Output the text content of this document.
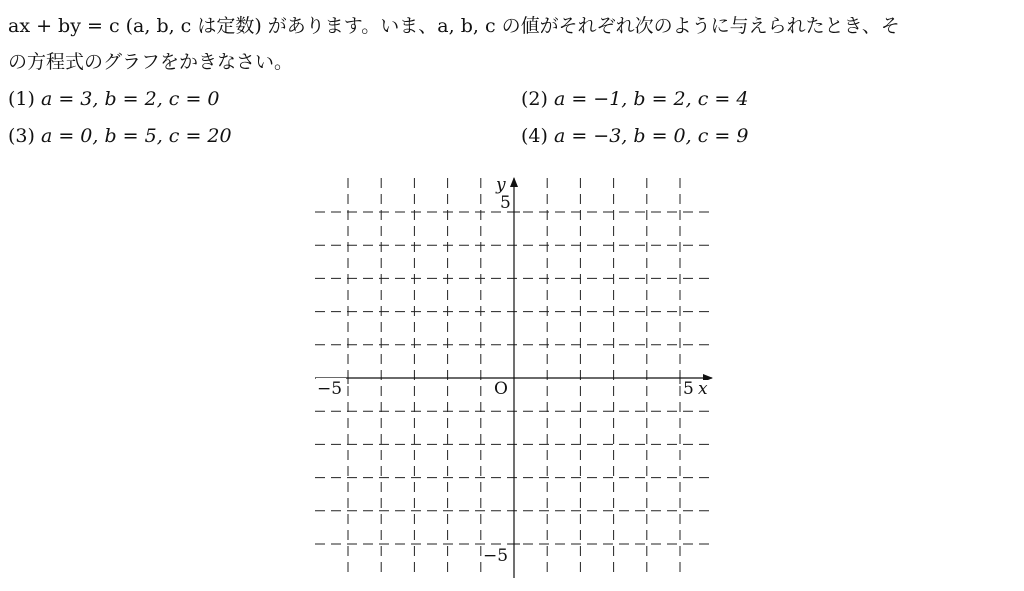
ax + by = c (a, b, c は定数) があります。いま、a, b, c の値がそれぞれ次のように与えられたとき、そ
の方程式のグラフをかきなさい。
(1) a = 3, b = 2, c = 0	(2) a = −1, b = 2, c = 4
(3) a = 0, b = 5, c = 20	(4) a = −3, b = 0, c = 9
y
5
−5	O	5 x
−5
